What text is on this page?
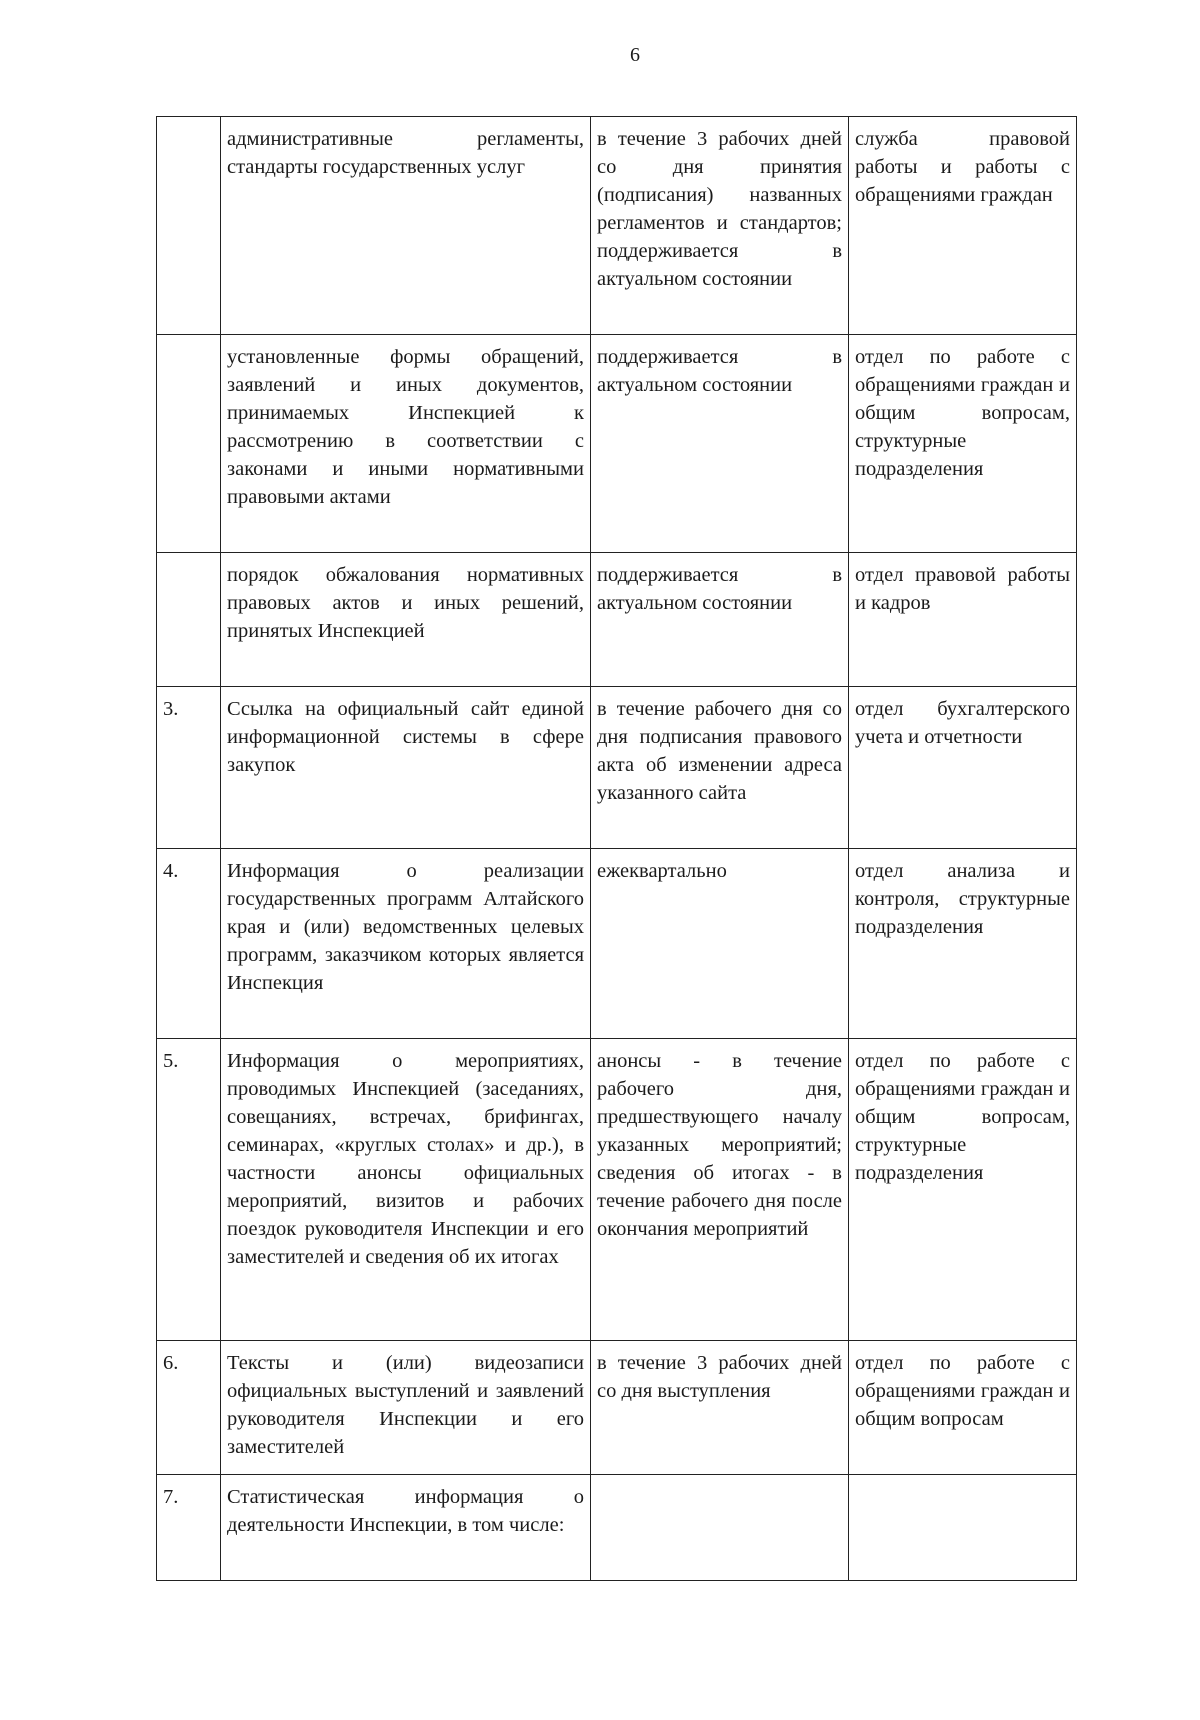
6
	административные регламенты, стандарты государственных услуг	в течение 3 рабочих дней со дня принятия (подписания) названных регламентов и стандартов; поддерживается в актуальном состоянии	служба правовой работы и работы с обращениями граждан
	установленные формы обращений, заявлений и иных документов, принимаемых Инспекцией к рассмотрению в соответствии с законами и иными нормативными правовыми актами	поддерживается в актуальном состоянии	отдел по работе с обращениями граждан и общим вопросам, структурные подразделения
	порядок обжалования нормативных правовых актов и иных решений, принятых Инспекцией	поддерживается в актуальном состоянии	отдел правовой работы и кадров
3.	Ссылка на официальный сайт единой информационной системы в сфере закупок	в течение рабочего дня со дня подписания правового акта об изменении адреса указанного сайта	отдел бухгалтерского учета и отчетности
4.	Информация о реализации государственных программ Алтайского края и (или) ведомственных целевых программ, заказчиком которых является Инспекция	ежеквартально	отдел анализа и контроля, структурные подразделения
5.	Информация о мероприятиях, проводимых Инспекцией (заседаниях, совещаниях, встречах, брифингах, семинарах, «круглых столах» и др.), в частности анонсы официальных мероприятий, визитов и рабочих поездок руководителя Инспекции и его заместителей и сведения об их итогах	анонсы - в течение рабочего дня, предшествующего началу указанных мероприятий; сведения об итогах - в течение рабочего дня после окончания мероприятий	отдел по работе с обращениями граждан и общим вопросам, структурные подразделения
6.	Тексты и (или) видеозаписи официальных выступлений и заявлений руководителя Инспекции и его заместителей	в течение 3 рабочих дней со дня выступления	отдел по работе с обращениями граждан и общим вопросам
7.	Статистическая информация о деятельности Инспекции, в том числе:		
